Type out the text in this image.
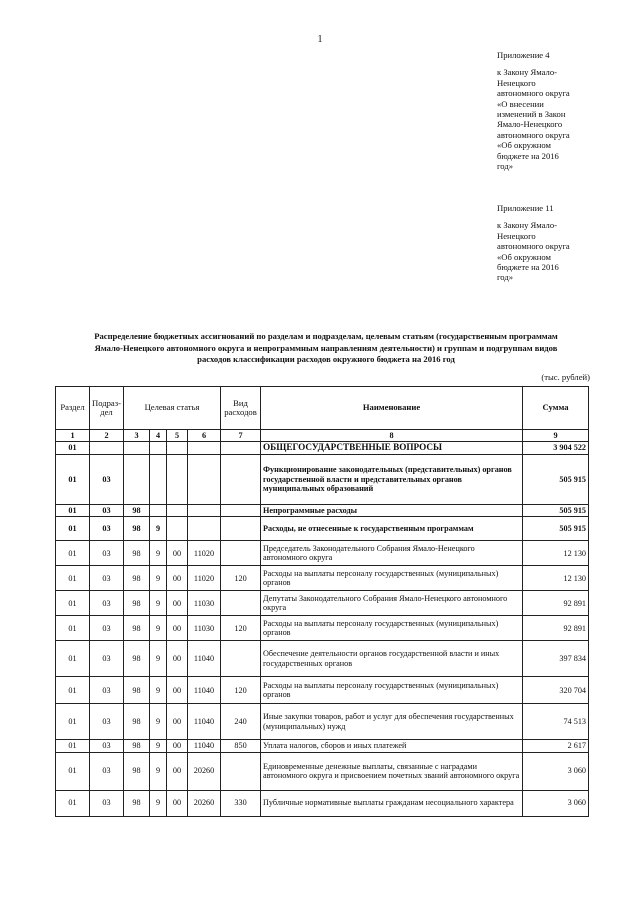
1
Приложение 4
к Закону Ямало-
Ненецкого
автономного округа
«О внесении
изменений в Закон
Ямало-Ненецкого
автономного округа
«Об окружном
бюджете на 2016
год»
Приложение 11
к Закону Ямало-
Ненецкого
автономного округа
«Об окружном
бюджете на 2016
год»
Распределение бюджетных ассигнований по разделам и подразделам, целевым статьям (государственным программам
Ямало-Ненецкого автономного округа и непрограммным направлениям деятельности) и группам и подгруппам видов
расходов классификации расходов окружного бюджета на 2016 год
(тыс. рублей)
Раздел	Подраз-дел	Целевая статья				Вид расходов	Наименование	Сумма
1	2	3	4	5	6	7	8	9
01							ОБЩЕГОСУДАРСТВЕННЫЕ ВОПРОСЫ	3 904 522
01	03						Функционирование законодательных (представительных) органов государственной власти и представительных органов муниципальных образований	505 915
01	03	98					Непрограммные расходы	505 915
01	03	98	9				Расходы, не отнесенные к государственным программам	505 915
01	03	98	9	00	11020		Председатель Законодательного Собрания Ямало-Ненецкого автономного округа	12 130
01	03	98	9	00	11020	120	Расходы на выплаты персоналу государственных (муниципальных) органов	12 130
01	03	98	9	00	11030		Депутаты Законодательного Собрания Ямало-Ненецкого автономного округа	92 891
01	03	98	9	00	11030	120	Расходы на выплаты персоналу государственных (муниципальных) органов	92 891
01	03	98	9	00	11040		Обеспечение деятельности органов государственной власти и иных государственных органов	397 834
01	03	98	9	00	11040	120	Расходы на выплаты персоналу государственных (муниципальных) органов	320 704
01	03	98	9	00	11040	240	Иные закупки товаров, работ и услуг для обеспечения государственных (муниципальных) нужд	74 513
01	03	98	9	00	11040	850	Уплата налогов, сборов и иных платежей	2 617
01	03	98	9	00	20260		Единовременные денежные выплаты, связанные с наградами автономного округа и присвоением почетных званий автономного округа	3 060
01	03	98	9	00	20260	330	Публичные нормативные выплаты гражданам несоциального характера	3 060
